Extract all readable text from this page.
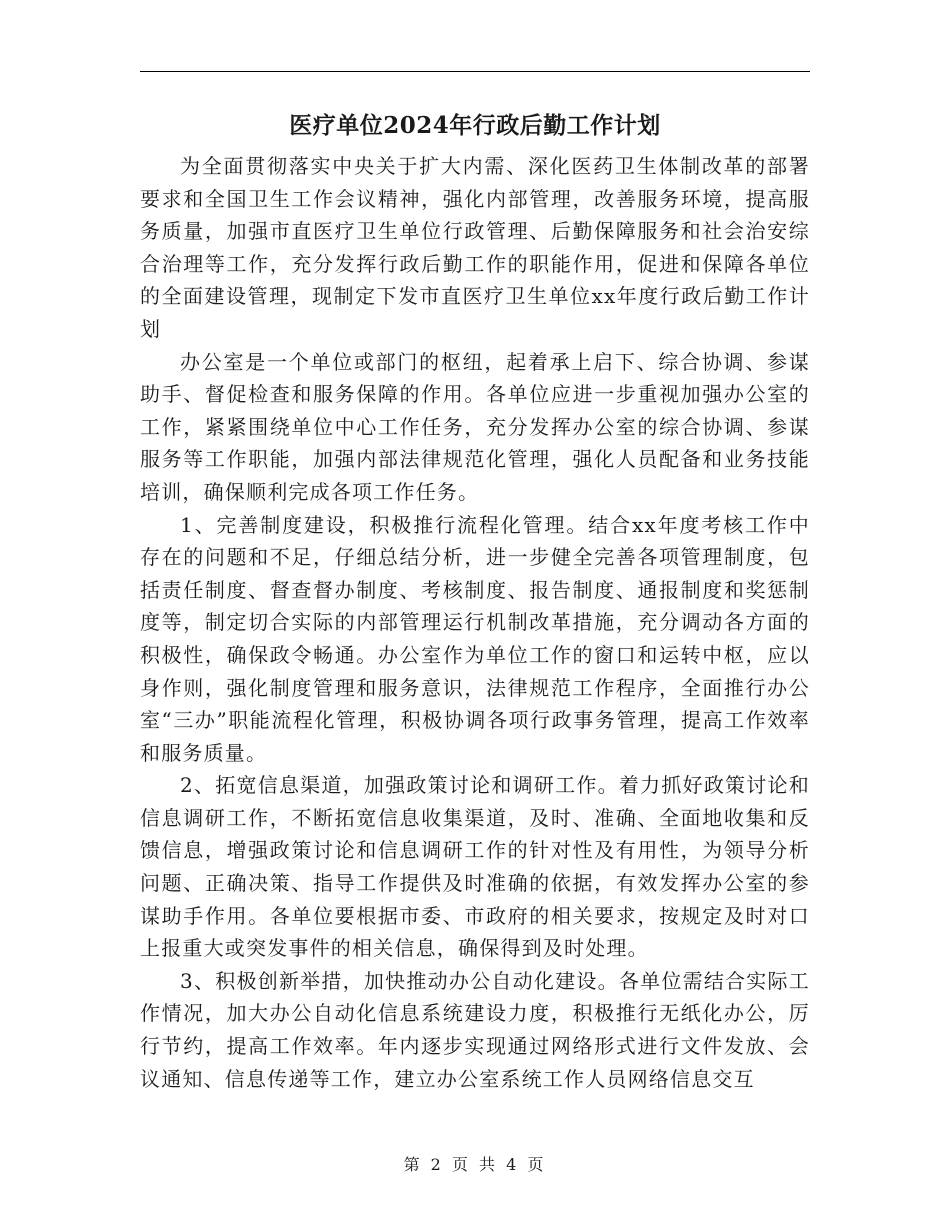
医疗单位2024年行政后勤工作计划

为全面贯彻落实中央关于扩大内需、深化医药卫生体制改革的部署要求和全国卫生工作会议精神，强化内部管理，改善服务环境，提高服务质量，加强市直医疗卫生单位行政管理、后勤保障服务和社会治安综合治理等工作，充分发挥行政后勤工作的职能作用，促进和保障各单位的全面建设管理，现制定下发市直医疗卫生单位xx年度行政后勤工作计划

办公室是一个单位或部门的枢纽，起着承上启下、综合协调、参谋助手、督促检查和服务保障的作用。各单位应进一步重视加强办公室的工作，紧紧围绕单位中心工作任务，充分发挥办公室的综合协调、参谋服务等工作职能，加强内部法律规范化管理，强化人员配备和业务技能培训，确保顺利完成各项工作任务。

1、完善制度建设，积极推行流程化管理。结合xx年度考核工作中存在的问题和不足，仔细总结分析，进一步健全完善各项管理制度，包括责任制度、督查督办制度、考核制度、报告制度、通报制度和奖惩制度等，制定切合实际的内部管理运行机制改革措施，充分调动各方面的积极性，确保政令畅通。办公室作为单位工作的窗口和运转中枢，应以身作则，强化制度管理和服务意识，法律规范工作程序，全面推行办公室“三办”职能流程化管理，积极协调各项行政事务管理，提高工作效率和服务质量。

2、拓宽信息渠道，加强政策讨论和调研工作。着力抓好政策讨论和信息调研工作，不断拓宽信息收集渠道，及时、准确、全面地收集和反馈信息，增强政策讨论和信息调研工作的针对性及有用性，为领导分析问题、正确决策、指导工作提供及时准确的依据，有效发挥办公室的参谋助手作用。各单位要根据市委、市政府的相关要求，按规定及时对口上报重大或突发事件的相关信息，确保得到及时处理。

3、积极创新举措，加快推动办公自动化建设。各单位需结合实际工作情况，加大办公自动化信息系统建设力度，积极推行无纸化办公，厉行节约，提高工作效率。年内逐步实现通过网络形式进行文件发放、会议通知、信息传递等工作，建立办公室系统工作人员网络信息交互

第 2 页 共 4 页
